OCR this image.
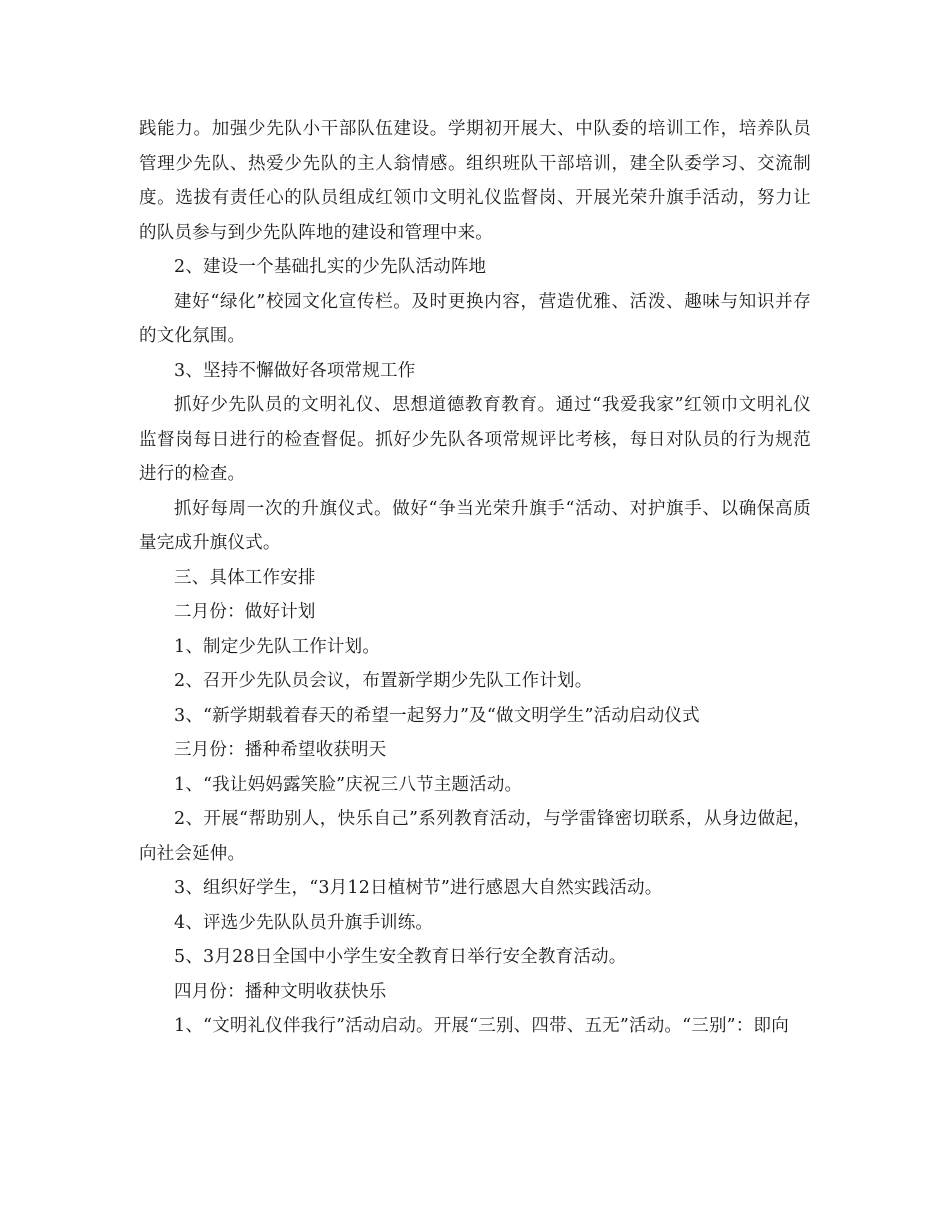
践能力。加强少先队小干部队伍建设。学期初开展大、中队委的培训工作，培养队员管理少先队、热爱少先队的主人翁情感。组织班队干部培训，建全队委学习、交流制度。选拔有责任心的队员组成红领巾文明礼仪监督岗、开展光荣升旗手活动，努力让的队员参与到少先队阵地的建设和管理中来。

2、建设一个基础扎实的少先队活动阵地

建好“绿化”校园文化宣传栏。及时更换内容，营造优雅、活泼、趣味与知识并存的文化氛围。

3、坚持不懈做好各项常规工作

抓好少先队员的文明礼仪、思想道德教育教育。通过“我爱我家”红领巾文明礼仪监督岗每日进行的检查督促。抓好少先队各项常规评比考核，每日对队员的行为规范进行的检查。

抓好每周一次的升旗仪式。做好“争当光荣升旗手“活动、对护旗手、以确保高质量完成升旗仪式。

三、具体工作安排

二月份：做好计划

1、制定少先队工作计划。

2、召开少先队员会议，布置新学期少先队工作计划。

3、“新学期载着春天的希望一起努力”及“做文明学生”活动启动仪式

三月份：播种希望收获明天

1、“我让妈妈露笑脸”庆祝三八节主题活动。

2、开展“帮助别人，快乐自己”系列教育活动，与学雷锋密切联系，从身边做起，向社会延伸。

3、组织好学生，“3月12日植树节”进行感恩大自然实践活动。

4、评选少先队队员升旗手训练。

5、3月28日全国中小学生安全教育日举行安全教育活动。

四月份：播种文明收获快乐

1、“文明礼仪伴我行”活动启动。开展“三别、四带、五无”活动。“三别”：即向
